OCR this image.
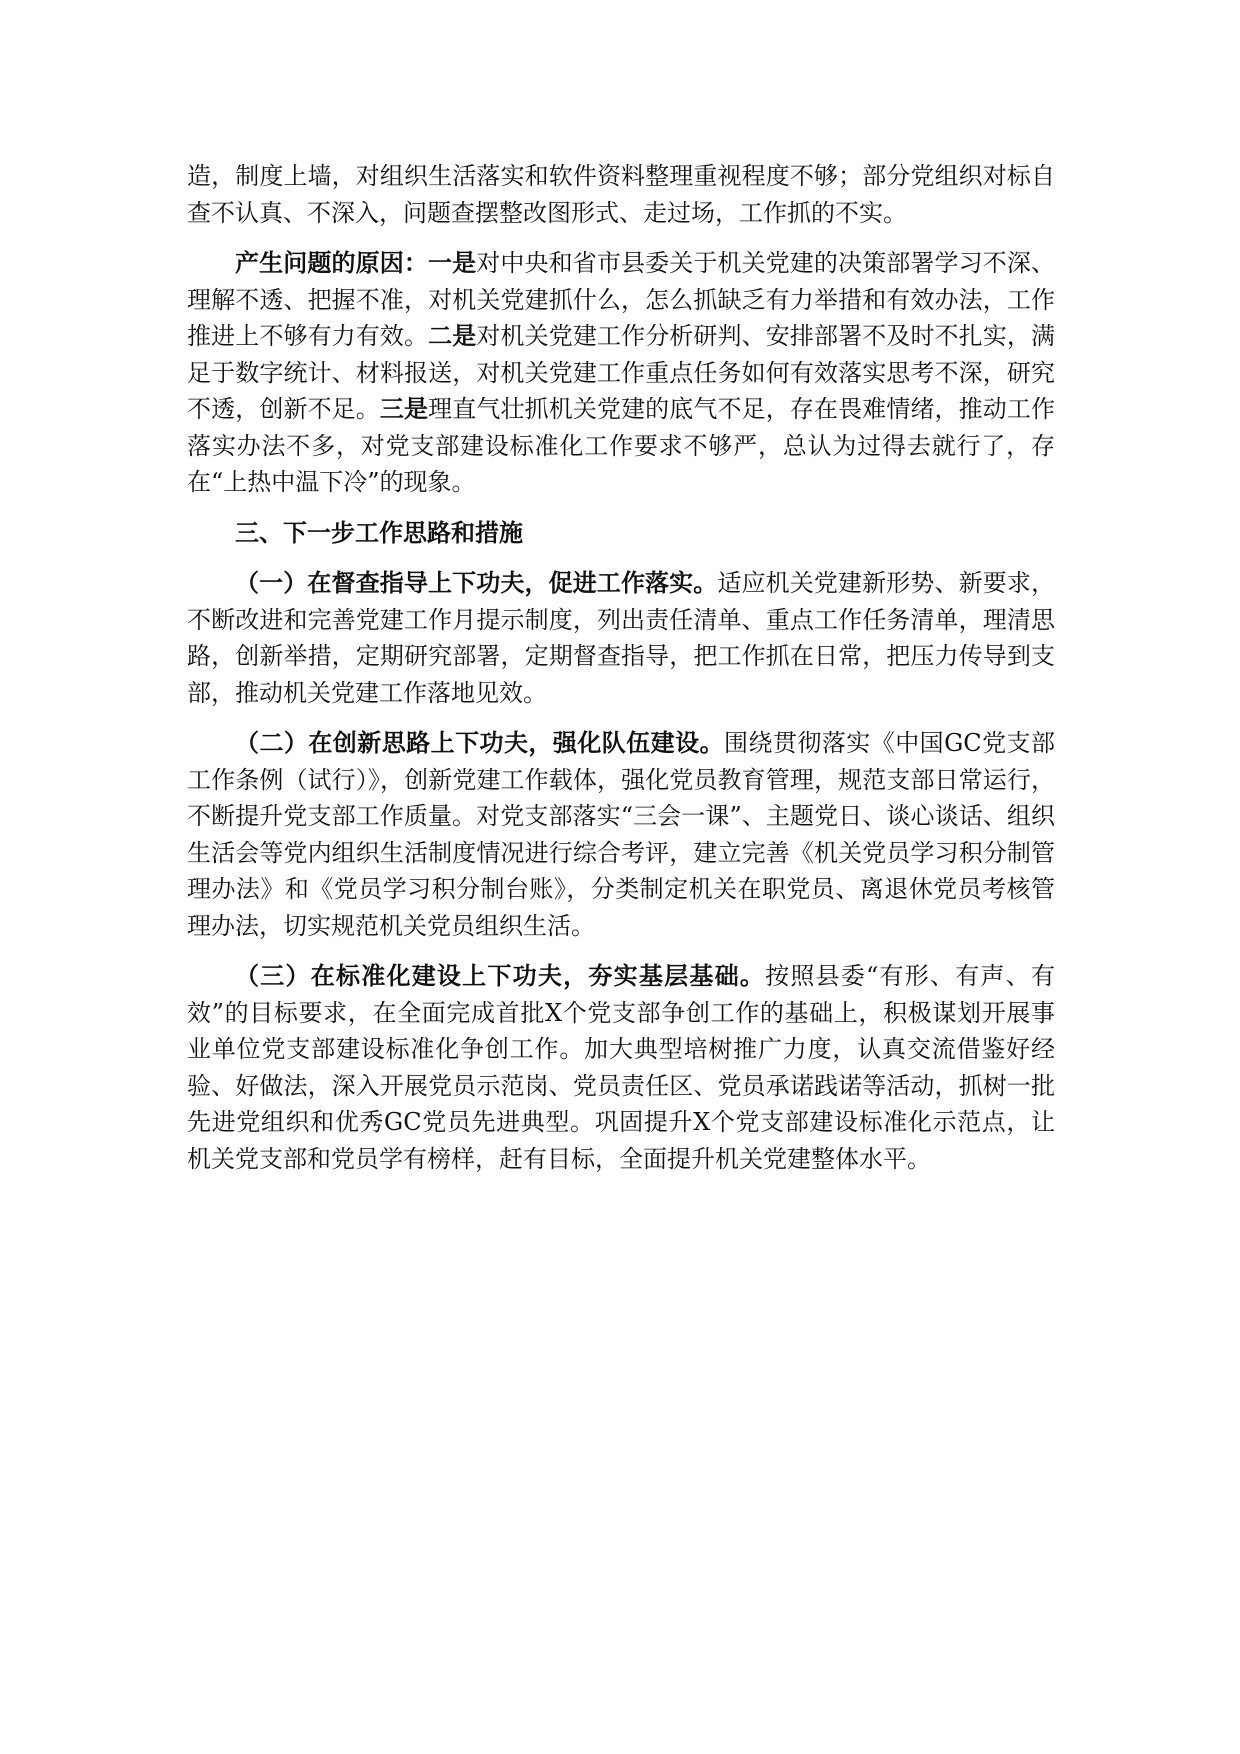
造，制度上墙，对组织生活落实和软件资料整理重视程度不够；部分党组织对标自查不认真、不深入，问题查摆整改图形式、走过场，工作抓的不实。

产生问题的原因：一是对中央和省市县委关于机关党建的决策部署学习不深、理解不透、把握不准，对机关党建抓什么，怎么抓缺乏有力举措和有效办法，工作推进上不够有力有效。二是对机关党建工作分析研判、安排部署不及时不扎实，满足于数字统计、材料报送，对机关党建工作重点任务如何有效落实思考不深，研究不透，创新不足。三是理直气壮抓机关党建的底气不足，存在畏难情绪，推动工作落实办法不多，对党支部建设标准化工作要求不够严，总认为过得去就行了，存在“上热中温下冷”的现象。

三、下一步工作思路和措施

（一）在督查指导上下功夫，促进工作落实。适应机关党建新形势、新要求，不断改进和完善党建工作月提示制度，列出责任清单、重点工作任务清单，理清思路，创新举措，定期研究部署，定期督查指导，把工作抓在日常，把压力传导到支部，推动机关党建工作落地见效。

（二）在创新思路上下功夫，强化队伍建设。围绕贯彻落实《中国GC党支部工作条例（试行）》，创新党建工作载体，强化党员教育管理，规范支部日常运行，不断提升党支部工作质量。对党支部落实“三会一课”、主题党日、谈心谈话、组织生活会等党内组织生活制度情况进行综合考评，建立完善《机关党员学习积分制管理办法》和《党员学习积分制台账》，分类制定机关在职党员、离退休党员考核管理办法，切实规范机关党员组织生活。

（三）在标准化建设上下功夫，夯实基层基础。按照县委“有形、有声、有效”的目标要求，在全面完成首批X个党支部争创工作的基础上，积极谋划开展事业单位党支部建设标准化争创工作。加大典型培树推广力度，认真交流借鉴好经验、好做法，深入开展党员示范岗、党员责任区、党员承诺践诺等活动，抓树一批先进党组织和优秀GC党员先进典型。巩固提升X个党支部建设标准化示范点，让机关党支部和党员学有榜样，赶有目标，全面提升机关党建整体水平。
